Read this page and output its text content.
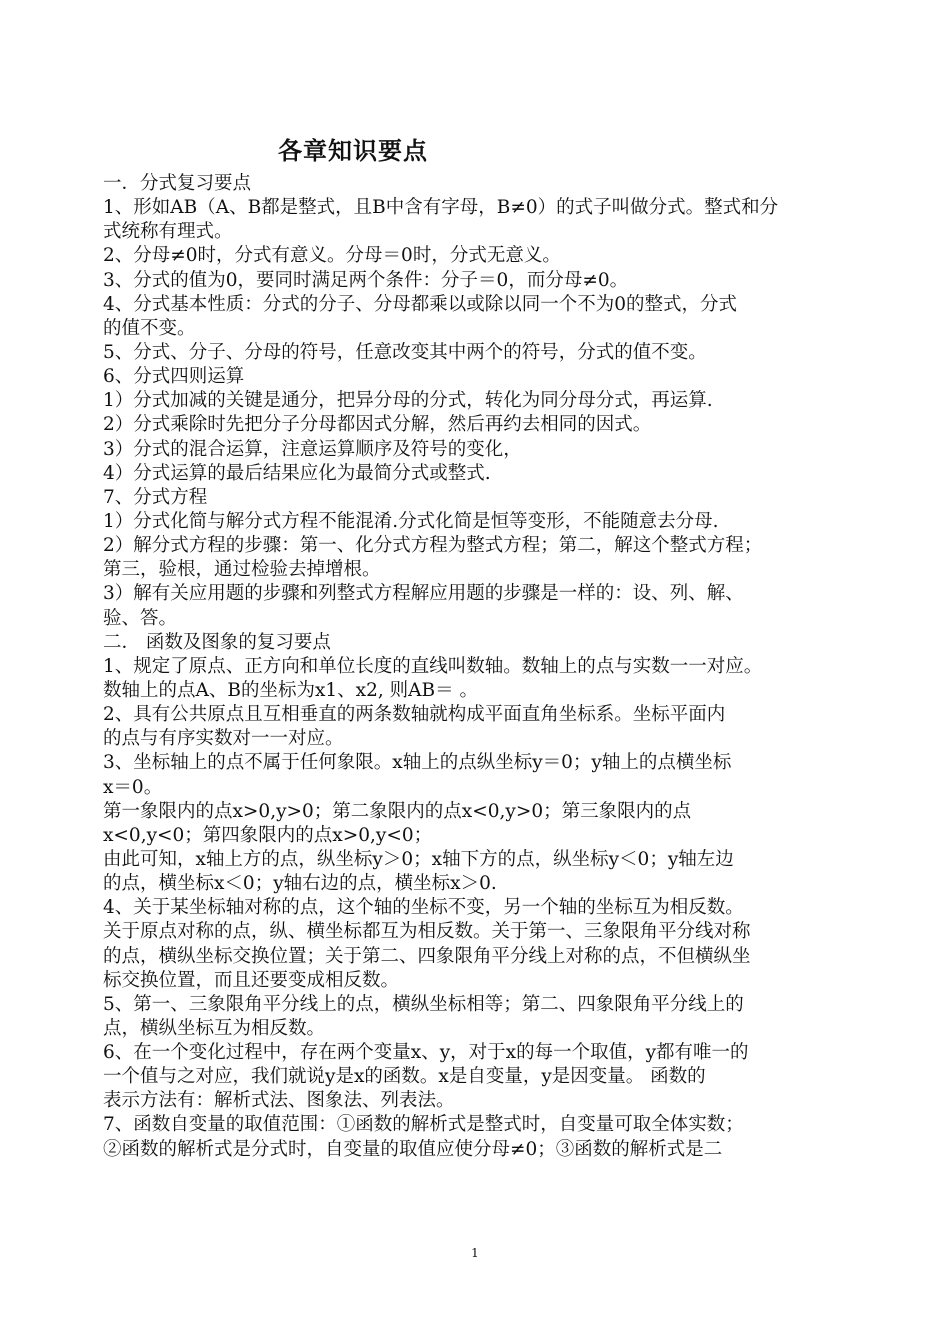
各章知识要点
一．分式复习要点
1、形如AB（A、B都是整式，且B中含有字母，B≠0）的式子叫做分式。整式和分
式统称有理式。
2、分母≠0时，分式有意义。分母＝0时，分式无意义。
3、分式的值为0，要同时满足两个条件：分子＝0，而分母≠0。
4、分式基本性质：分式的分子、分母都乘以或除以同一个不为0的整式，分式
的值不变。
5、分式、分子、分母的符号，任意改变其中两个的符号，分式的值不变。
6、分式四则运算
1）分式加减的关键是通分，把异分母的分式，转化为同分母分式，再运算.
2）分式乘除时先把分子分母都因式分解，然后再约去相同的因式。
3）分式的混合运算，注意运算顺序及符号的变化，
4）分式运算的最后结果应化为最简分式或整式.
7、分式方程
1）分式化简与解分式方程不能混淆.分式化简是恒等变形，不能随意去分母.
2）解分式方程的步骤：第一、化分式方程为整式方程；第二，解这个整式方程；
第三，验根，通过检验去掉增根。
3）解有关应用题的步骤和列整式方程解应用题的步骤是一样的：设、列、解、
验、答。
二． 函数及图象的复习要点
1、规定了原点、正方向和单位长度的直线叫数轴。数轴上的点与实数一一对应。
数轴上的点A、B的坐标为x1、x2, 则AB＝ 。
2、具有公共原点且互相垂直的两条数轴就构成平面直角坐标系。坐标平面内
的点与有序实数对一一对应。
3、坐标轴上的点不属于任何象限。x轴上的点纵坐标y＝0；y轴上的点横坐标
x＝0。
第一象限内的点x>0,y>0；第二象限内的点x<0,y>0；第三象限内的点
x<0,y<0；第四象限内的点x>0,y<0；
由此可知，x轴上方的点，纵坐标y＞0；x轴下方的点，纵坐标y＜0；y轴左边
的点，横坐标x＜0；y轴右边的点，横坐标x＞0.
4、关于某坐标轴对称的点，这个轴的坐标不变，另一个轴的坐标互为相反数。
关于原点对称的点，纵、横坐标都互为相反数。关于第一、三象限角平分线对称
的点，横纵坐标交换位置；关于第二、四象限角平分线上对称的点，不但横纵坐
标交换位置，而且还要变成相反数。
5、第一、三象限角平分线上的点，横纵坐标相等；第二、四象限角平分线上的
点，横纵坐标互为相反数。
6、在一个变化过程中，存在两个变量x、y，对于x的每一个取值，y都有唯一的
一个值与之对应，我们就说y是x的函数。x是自变量，y是因变量。 函数的
表示方法有：解析式法、图象法、列表法。
7、函数自变量的取值范围：①函数的解析式是整式时，自变量可取全体实数；
②函数的解析式是分式时，自变量的取值应使分母≠0；③函数的解析式是二
1
